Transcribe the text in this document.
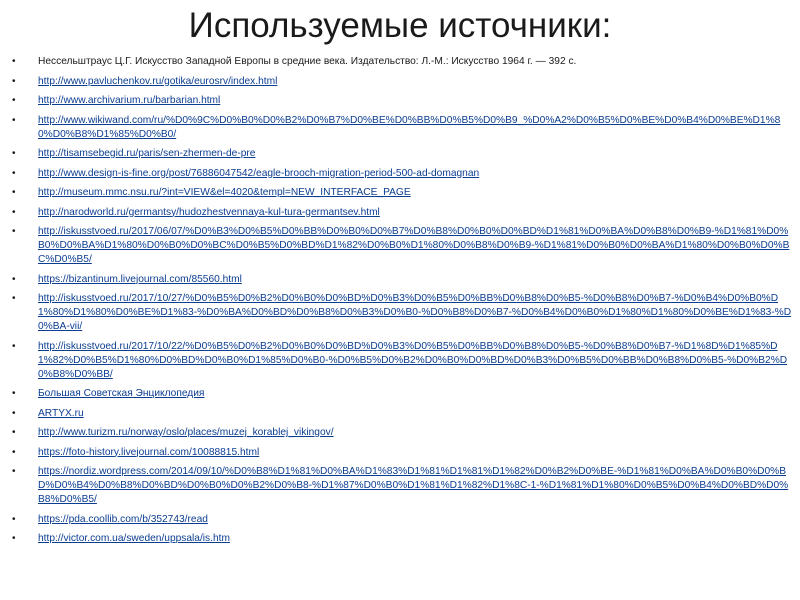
Используемые источники:
• Нессельштраус Ц.Г. Искусство Западной Европы в средние века. Издательство: Л.-М.: Искусство 1964 г. — 392 с.
• http://www.pavluchenkov.ru/gotika/eurosrv/index.html
• http://www.archivarium.ru/barbarian.html
• http://www.wikiwand.com/ru/%D0%9C%D0%B0%D0%B2%D0%B7%D0%BE%D0%BB%D0%B5%D0%B9_%D0%A2%D0%B5%D0%BE%D0%B4%D0%BE%D1%80%D0%B8%D1%85%D0%B0/
• http://tisamsebegid.ru/paris/sen-zhermen-de-pre
• http://www.design-is-fine.org/post/76886047542/eagle-brooch-migration-period-500-ad-domagnan
• http://museum.mmc.nsu.ru/?int=VIEW&el=4020&templ=NEW_INTERFACE_PAGE
• http://narodworld.ru/germantsy/hudozhestvennaya-kul-tura-germantsev.html
• http://iskusstvoed.ru/2017/06/07/%D0%B3%D0%B5%D0%BB%D0%B0%D0%B7%D0%B8%D0%B0%D0%BD%D1%81%D0%BA%D0%B8%D0%B9-%D1%81%D0%B0%D0%BA%D1%80%D0%B0%D0%BC%D0%B5%D0%BD%D1%82%D0%B0%D1%80%D0%B8%D0%B9-%D1%81%D0%B0%D0%BA%D1%80%D0%B0%D0%BC%D0%B5/
• https://bizantinum.livejournal.com/85560.html
• http://iskusstvoed.ru/2017/10/27/%D0%B5%D0%B2%D0%B0%D0%BD%D0%B3%D0%B5%D0%BB%D0%B8%D0%B5-%D0%B8%D0%B7-%D0%B4%D0%B0%D1%80%D1%80%D0%BE%D1%83-%D0%BA%D0%BD%D0%B8%D0%B3%D0%B0-%D0%B8%D0%B7-%D0%B4%D0%B0%D1%80%D1%80%D0%BE%D1%83-%D0%BA-vii/
• http://iskusstvoed.ru/2017/10/22/%D0%B5%D0%B2%D0%B0%D0%BD%D0%B3%D0%B5%D0%BB%D0%B8%D0%B5-%D0%B8%D0%B7-%D1%8D%D1%85%D1%82%D0%B5%D1%80%D0%BD%D0%B0%D1%85%D0%B0-%D0%B5%D0%B2%D0%B0%D0%BD%D0%B3%D0%B5%D0%BB%D0%B8%D0%B5-%D0%B2%D0%B8%D0%BB/
• Большая Советская Энциклопедия
• ARTYX.ru
• http://www.turizm.ru/norway/oslo/places/muzej_korablej_vikingov/
• https://foto-history.livejournal.com/10088815.html
• https://nordiz.wordpress.com/2014/09/10/%D0%B8%D1%81%D0%BA%D1%83%D1%81%D1%81%D1%82%D0%B2%D0%BE-%D1%81%D0%BA%D0%B0%D0%BD%D0%B4%D0%B8%D0%BD%D0%B0%D0%B2%D0%B8-%D1%87%D0%B0%D1%81%D1%82%D1%8C-1-%D1%81%D1%80%D0%B5%D0%B4%D0%BD%D0%B8%D0%B5/
• https://pda.coollib.com/b/352743/read
• http://victor.com.ua/sweden/uppsala/is.htm
